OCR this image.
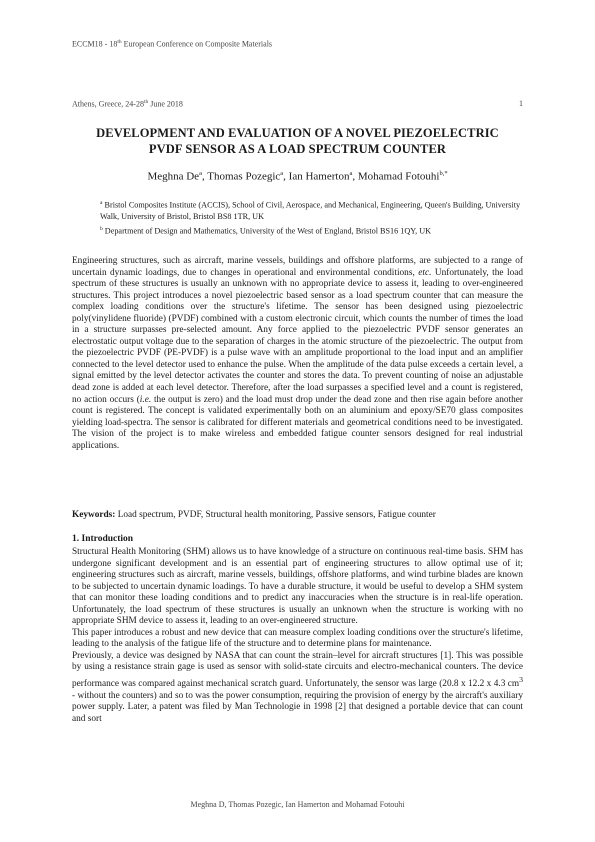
ECCM18 - 18th European Conference on Composite Materials
Athens, Greece, 24-28th June 2018	1
DEVELOPMENT AND EVALUATION OF A NOVEL PIEZOELECTRIC
PVDF SENSOR AS A LOAD SPECTRUM COUNTER
Meghna De$^a$, Thomas Pozegic$^a$, Ian Hamerton$^a$, Mohamad Fotouhi$^{b,*}$
$^a$ Bristol Composites Institute (ACCIS), School of Civil, Aerospace, and Mechanical, Engineering, Queen's Building, University Walk, University of Bristol, Bristol BS8 1TR, UK
$^b$ Department of Design and Mathematics, University of the West of England, Bristol BS16 1QY, UK
Engineering structures, such as aircraft, marine vessels, buildings and offshore platforms, are subjected to a range of uncertain dynamic loadings, due to changes in operational and environmental conditions, etc. Unfortunately, the load spectrum of these structures is usually an unknown with no appropriate device to assess it, leading to over-engineered structures. This project introduces a novel piezoelectric based sensor as a load spectrum counter that can measure the complex loading conditions over the structure's lifetime. The sensor has been designed using piezoelectric poly(vinylidene fluoride) (PVDF) combined with a custom electronic circuit, which counts the number of times the load in a structure surpasses pre-selected amount. Any force applied to the piezoelectric PVDF sensor generates an electrostatic output voltage due to the separation of charges in the atomic structure of the piezoelectric. The output from the piezoelectric PVDF (PE-PVDF) is a pulse wave with an amplitude proportional to the load input and an amplifier connected to the level detector used to enhance the pulse. When the amplitude of the data pulse exceeds a certain level, a signal emitted by the level detector activates the counter and stores the data. To prevent counting of noise an adjustable dead zone is added at each level detector. Therefore, after the load surpasses a specified level and a count is registered, no action occurs (i.e. the output is zero) and the load must drop under the dead zone and then rise again before another count is registered. The concept is validated experimentally both on an aluminium and epoxy/SE70 glass composites yielding load-spectra. The sensor is calibrated for different materials and geometrical conditions need to be investigated. The vision of the project is to make wireless and embedded fatigue counter sensors designed for real industrial applications.
Keywords: Load spectrum, PVDF, Structural health monitoring, Passive sensors, Fatigue counter
1. Introduction

Structural Health Monitoring (SHM) allows us to have knowledge of a structure on continuous real-time basis. SHM has undergone significant development and is an essential part of engineering structures to allow optimal use of it; engineering structures such as aircraft, marine vessels, buildings, offshore platforms, and wind turbine blades are known to be subjected to uncertain dynamic loadings. To have a durable structure, it would be useful to develop a SHM system that can monitor these loading conditions and to predict any inaccuracies when the structure is in real-life operation. Unfortunately, the load spectrum of these structures is usually an unknown when the structure is working with no appropriate SHM device to assess it, leading to an over-engineered structure.

This paper introduces a robust and new device that can measure complex loading conditions over the structure's lifetime, leading to the analysis of the fatigue life of the structure and to determine plans for maintenance.

Previously, a device was designed by NASA that can count the strain–level for aircraft structures [1]. This was possible by using a resistance strain gage is used as sensor with solid-state circuits and electro-mechanical counters. The device performance was compared against mechanical scratch guard. Unfortunately, the sensor was large (20.8 x 12.2 x 4.3 $cm^3$ - without the counters) and so to was the power consumption, requiring the provision of energy by the aircraft's auxiliary power supply. Later, a patent was filed by Man Technologie in 1998 [2] that designed a portable device that can count and sort

Meghna D, Thomas Pozegic, Ian Hamerton and Mohamad Fotouhi
